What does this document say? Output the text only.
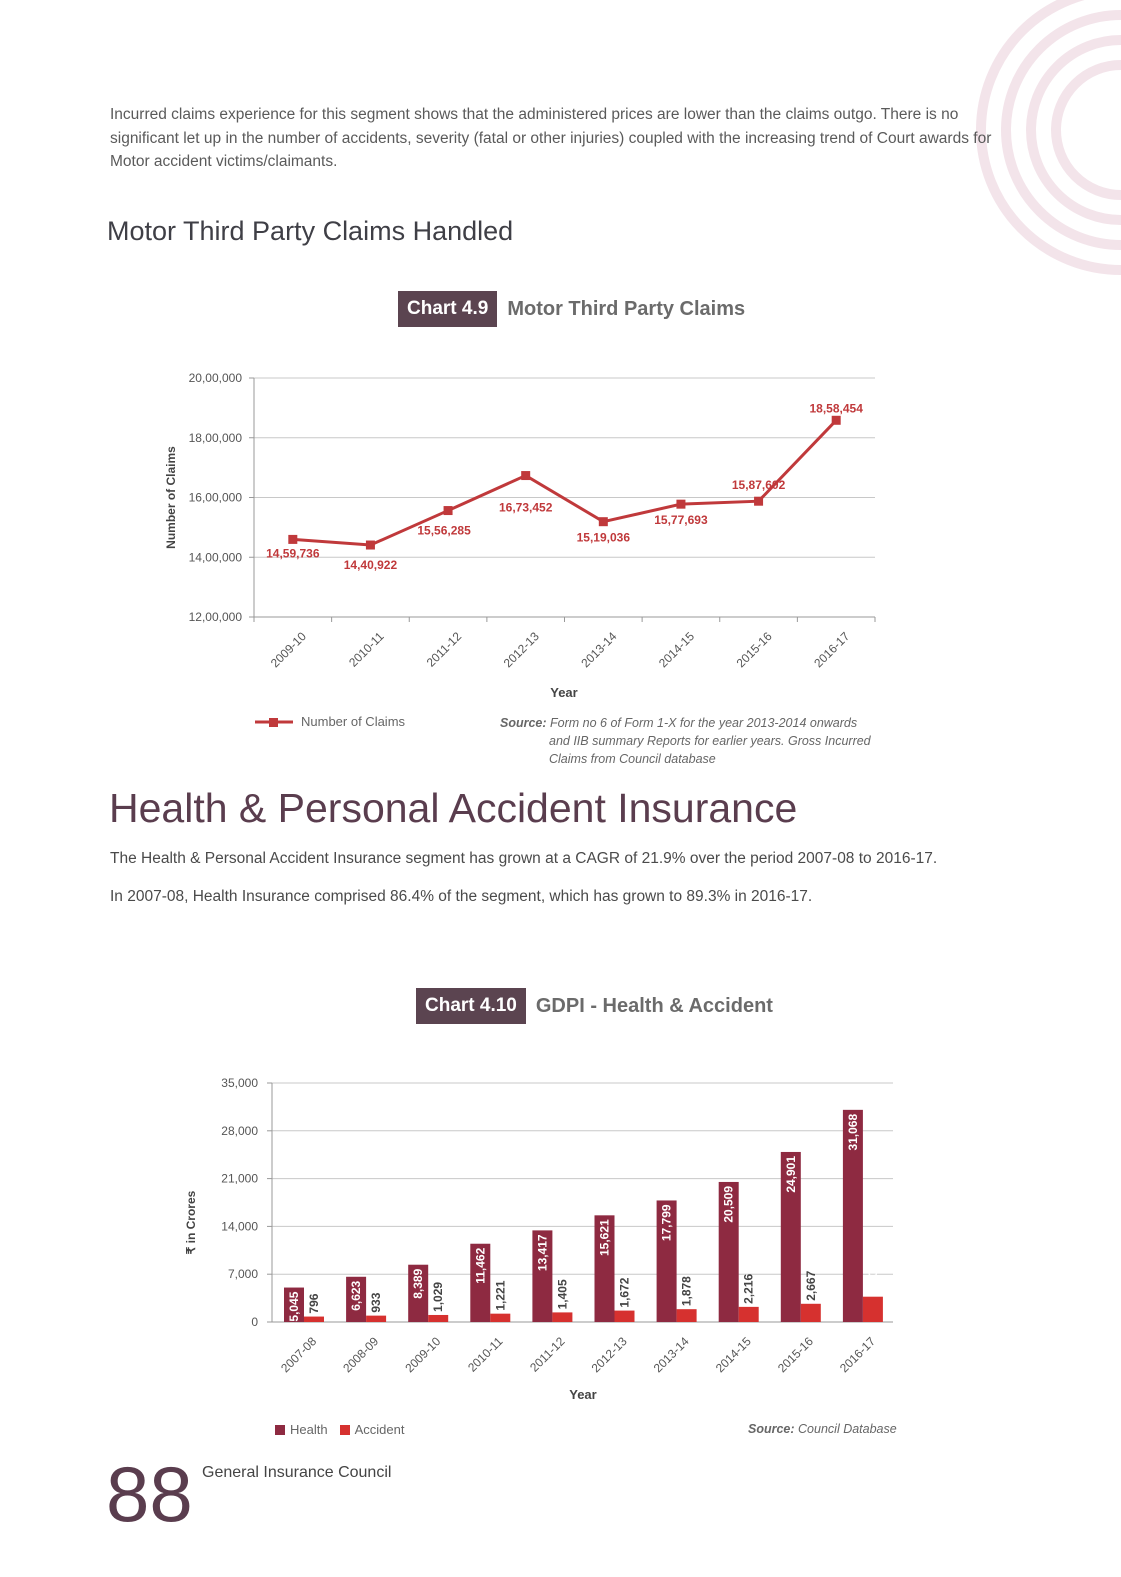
Incurred claims experience for this segment shows that the administered prices are lower than the claims outgo. There is no

significant let up in the number of accidents, severity (fatal or other injuries) coupled with the increasing trend of Court awards for

Motor accident victims/claimants.

Motor Third Party Claims Handled
Chart 4.9 Motor Third Party Claims
12,00,000
14,00,000
16,00,000
18,00,000
20,00,000
2009-10	2010-11	2011-12	2012-13	2013-14	2014-15	2015-16	2016-17
14,59,736
14,40,922
15,56,285
16,73,452
15,19,036
15,77,693
15,87,602
18,58,454
Year
Number of Claims
Number of Claims	Source: Form no 6 of Form 1-X for the year 2013-2014 onwards
and IIB summary Reports for earlier years. Gross Incurred
Claims from Council database
Health & Personal Accident Insurance

The Health & Personal Accident Insurance segment has grown at a CAGR of 21.9% over the period 2007-08 to 2016-17.

In 2007-08, Health Insurance comprised 86.4% of the segment, which has grown to 89.3% in 2016-17.

Chart 4.10 GDPI - Health & Accident
0
7,000
14,000
21,000
28,000
35,000
5,045 796
2007-08
6,623 933
2008-09
8,389 1,029
2009-10
11,462
1,221
2010-11
13,417
1,405
2011-12
15,621
1,672
2012-13
17,799
1,878
2013-14
20,509
2,216
2014-15
24,901
2,667
2015-16
31,068
3,706
2016-17
Year
₹ in Crores
Health Accident	Source: Council Database
88 General Insurance Council
